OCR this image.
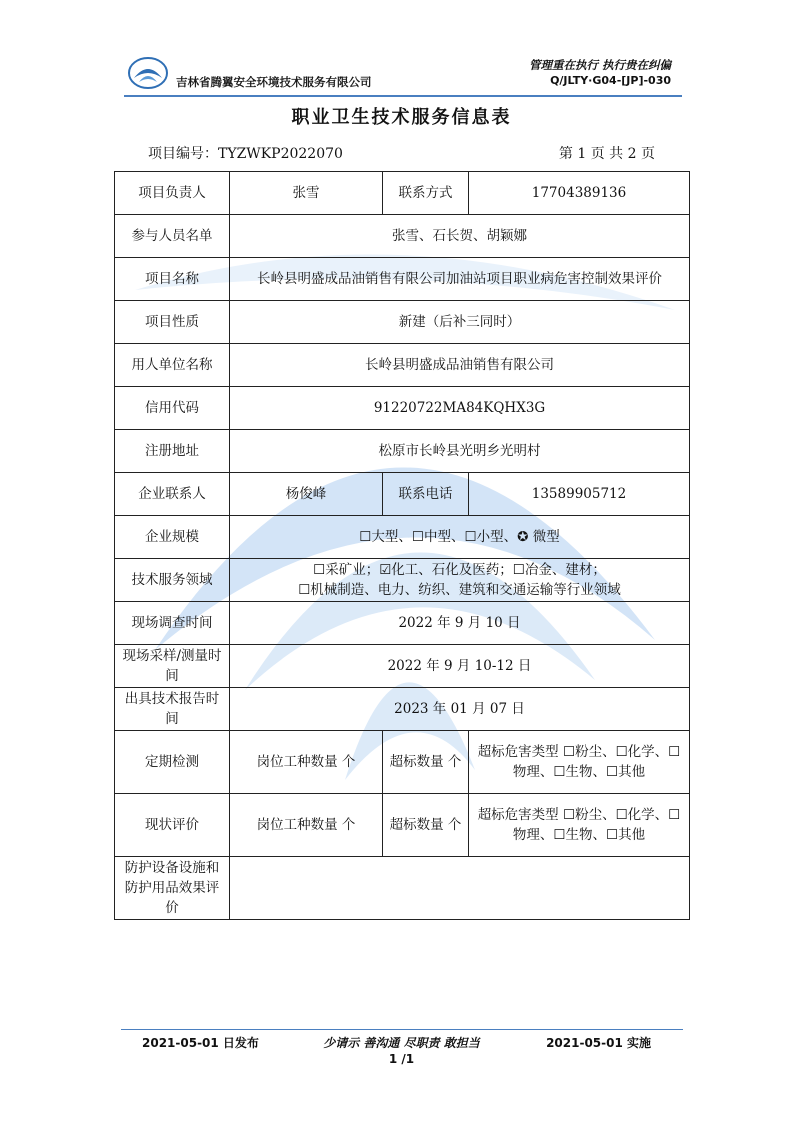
吉林省腾翼安全环境技术服务有限公司
管理重在执行 执行贵在纠偏
Q/JLTY·G04-[JP]-030
职业卫生技术服务信息表
项目编号：TYZWKP2022070	第 1 页 共 2 页
项目负责人	张雪	联系方式	17704389136
参与人员名单	张雪、石长贺、胡颖娜		
项目名称	长岭县明盛成品油销售有限公司加油站项目职业病危害控制效果评价		
项目性质	新建（后补三同时）		
用人单位名称	长岭县明盛成品油销售有限公司		
信用代码	91220722MA84KQHX3G		
注册地址	松原市长岭县光明乡光明村		
企业联系人	杨俊峰	联系电话	13589905712
企业规模	☐大型、☐中型、☐小型、✪ 微型		
技术服务领域	☐采矿业；☑化工、石化及医药；☐冶金、建材；
☐机械制造、电力、纺织、建筑和交通运输等行业领域		

现场调查时间	2022 年 9 月 10 日		
现场采样/测量时间	2022 年 9 月 10-12 日		
出具技术报告时间	2023 年 01 月 07 日		
定期检测	岗位工种数量 个	超标数量 个	超标危害类型 ☐粉尘、☐化学、☐物理、☐生物、☐其他
现状评价	岗位工种数量 个	超标数量 个	超标危害类型 ☐粉尘、☐化学、☐物理、☐生物、☐其他
防护设备设施和防护用品效果评价			
2021-05-01 日发布	少请示 善沟通 尽职责 敢担当	2021-05-01 实施
1 /1
